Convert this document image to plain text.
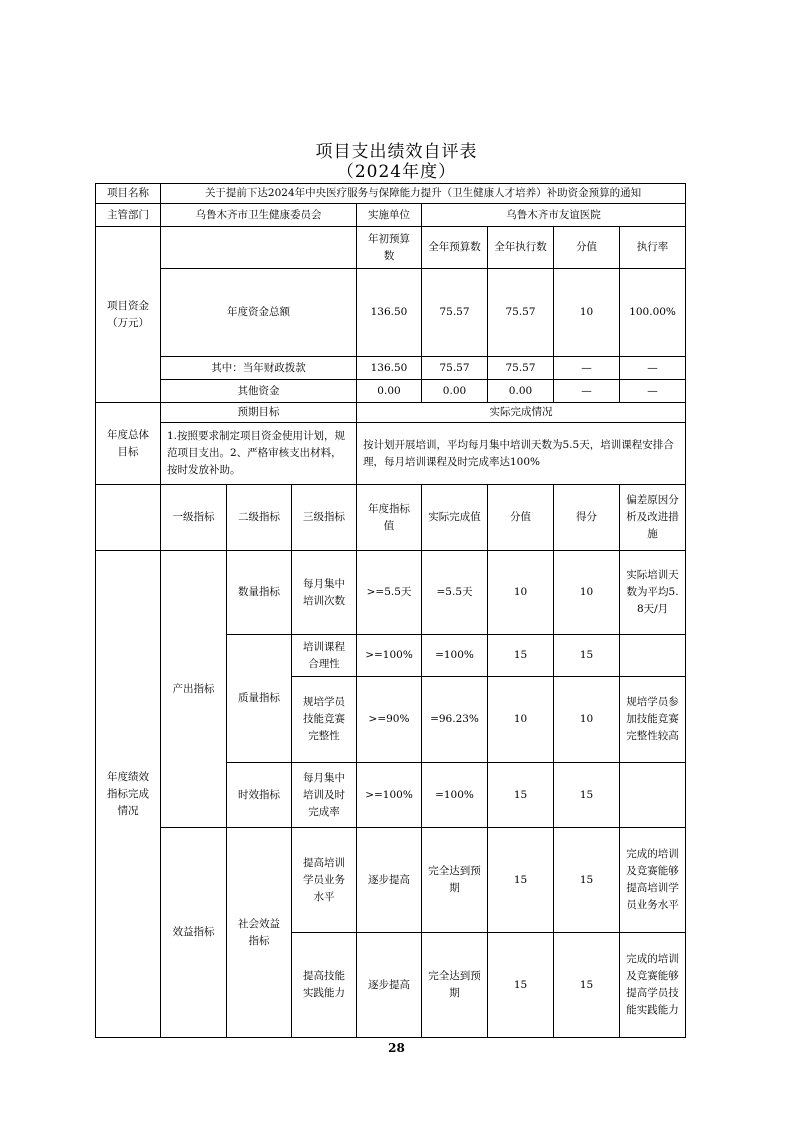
项目支出绩效自评表
（2024年度）
项目名称	关于提前下达2024年中央医疗服务与保障能力提升（卫生健康人才培养）补助资金预算的通知								
主管部门	乌鲁木齐市卫生健康委员会			实施单位	乌鲁木齐市友谊医院				
项目资金（万元）				年初预算数	全年预算数	全年执行数	分值	执行率	
	年度资金总额			136.50	75.57	75.57	10	100.00%	
	其中：当年财政拨款			136.50	75.57	75.57	—	—	
	其他资金			0.00	0.00	0.00	—	—	
年度总体目标	预期目标			实际完成情况					
	1.按照要求制定项目资金使用计划，规范项目支出。2、严格审核支出材料，按时发放补助。			按计划开展培训，平均每月集中培训天数为5.5天，培训课程安排合理，每月培训课程及时完成率达100%					
	一级指标	二级指标	三级指标	年度指标值	实际完成值	分值	得分	偏差原因分析及改进措施	
年度绩效指标完成情况	产出指标	数量指标	每月集中培训次数	>=5.5天	=5.5天	10	10	实际培训天数为平均5.8天/月	
		质量指标	培训课程合理性	>=100%	=100%	15	15		
			规培学员技能竞赛完整性	>=90%	=96.23%	10	10	规培学员参加技能竞赛完整性较高	
		时效指标	每月集中培训及时完成率	>=100%	=100%	15	15		
	效益指标	社会效益指标	提高培训学员业务水平	逐步提高	完全达到预期	15	15	完成的培训及竞赛能够提高培训学员业务水平	
			提高技能实践能力	逐步提高	完全达到预期	15	15	完成的培训及竞赛能够提高学员技能实践能力	
28
